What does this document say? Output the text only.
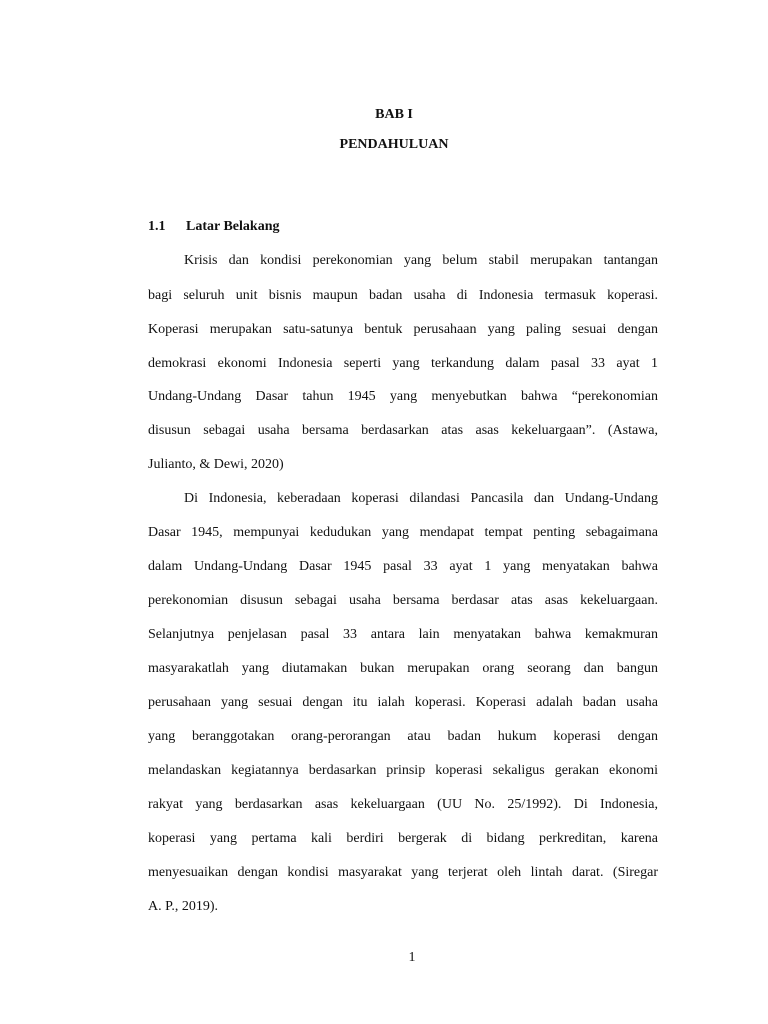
BAB I
PENDAHULUAN
1.1 Latar Belakang
Krisis dan kondisi perekonomian yang belum stabil merupakan tantangan
bagi seluruh unit bisnis maupun badan usaha di Indonesia termasuk koperasi.
Koperasi merupakan satu-satunya bentuk perusahaan yang paling sesuai dengan
demokrasi ekonomi Indonesia seperti yang terkandung dalam pasal 33 ayat 1
Undang-Undang Dasar tahun 1945 yang menyebutkan bahwa “perekonomian
disusun sebagai usaha bersama berdasarkan atas asas kekeluargaan”. (Astawa,
Julianto, & Dewi, 2020)
Di Indonesia, keberadaan koperasi dilandasi Pancasila dan Undang-Undang
Dasar 1945, mempunyai kedudukan yang mendapat tempat penting sebagaimana
dalam Undang-Undang Dasar 1945 pasal 33 ayat 1 yang menyatakan bahwa
perekonomian disusun sebagai usaha bersama berdasar atas asas kekeluargaan.
Selanjutnya penjelasan pasal 33 antara lain menyatakan bahwa kemakmuran
masyarakatlah yang diutamakan bukan merupakan orang seorang dan bangun
perusahaan yang sesuai dengan itu ialah koperasi. Koperasi adalah badan usaha
yang beranggotakan orang-perorangan atau badan hukum koperasi dengan
melandaskan kegiatannya berdasarkan prinsip koperasi sekaligus gerakan ekonomi
rakyat yang berdasarkan asas kekeluargaan (UU No. 25/1992). Di Indonesia,
koperasi yang pertama kali berdiri bergerak di bidang perkreditan, karena
menyesuaikan dengan kondisi masyarakat yang terjerat oleh lintah darat. (Siregar
A. P., 2019).
1
